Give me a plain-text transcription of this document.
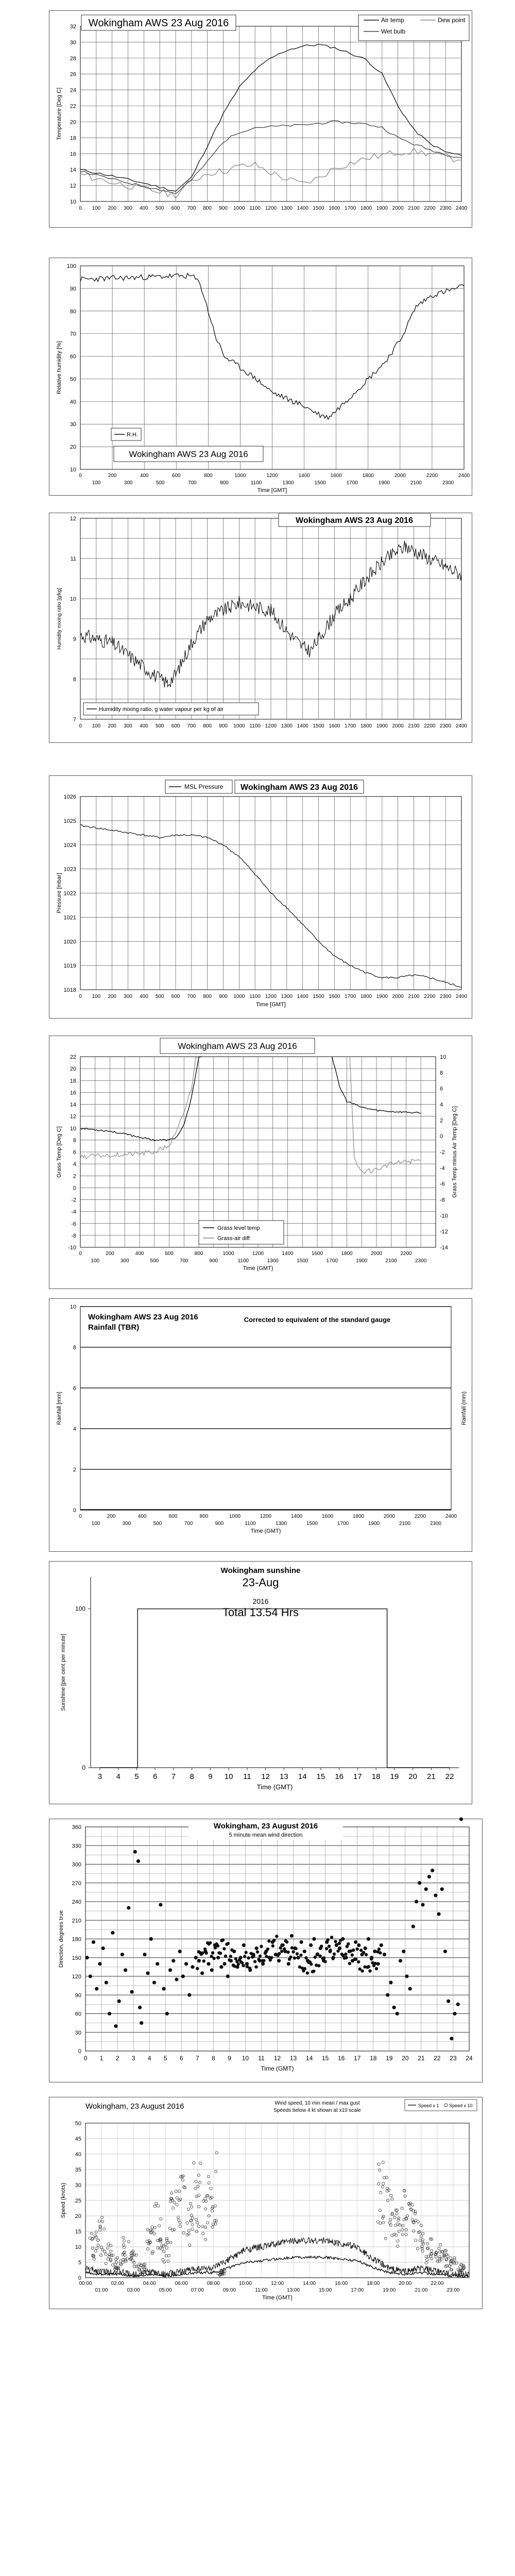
10
12
14
16
18
20
22
24
26
28
30
32
0 100 200 300 400 500 600 700 800 900 1000 1100 1200 1300 1400 1500 1600 1700 1800 1900 2000 2100 2200 2300 2400
Temperature [Deg C]
Wokingham AWS 23 Aug 2016	Air temp	Dew point
Wet bulb
10
20
30
40
50
60
70
80
90
100
0	200	400	600	800	1000	1200	1400	1600	1800	2000	2200	2400
100	300	500	700	900	1100	1300	1500	1700	1900	2100	2300
Time [GMT]
Relative humidity [%]
R.H.
Wokingham AWS 23 Aug 2016
7
8
9
10
11
12
0 100 200 300 400 500 600 700 800 900 1000 1100 1200 1300 1400 1500 1600 1700 1800 1900 2000 2100 2200 2300 2400
Humidity mixing ratio [g/kg]
Wokingham AWS 23 Aug 2016
Humidity mixing ratio, g water vapour per kg of air
1018
1019
1020
1021
1022
1023
1024
1025
1026
0 100 200 300 400 500 600 700 800 900 1000 1100 1200 1300 1400 1500 1600 1700 1800 1900 2000 2100 2200 2300 2400
Time [GMT]
Pressure [mbar]
MSL Pressure Wokingham AWS 23 Aug 2016
-10
-8
-6
-4
-2
0
2
4
6
8
10
12
14
16
18
20
22
-14
-12
-10
-8
-6
-4
-2
0
2
4
6
8
10
0	200	400	600	800	1000	1200	1400	1600	1800	2000	2200
100	300	500	700	900	1100	1300	1500	1700	1900	2100	2300
Time (GMT)
Grass Temp [Deg C]	Grass Temp minus Air Temp [Deg C]
Wokingham AWS 23 Aug 2016
Grass level temp
Grass-air diff
0
2
4
6
8
10
0	200	400	600	800	1000	1200	1400	1600	1800	2000	2200	2400
100	300	500	700	900	1100	1300	1500	1700	1900	2100	2300
Time (GMT)
Rainfall [mm]	Rainfall (mm)
Wokingham AWS 23 Aug 2016
Rainfall (TBR)
Corrected to equivalent of the standard gauge
0
100
3 4 5 6 7 8 9 10 11 12 13 14 15 16 17 18 19 20 21 22
Time (GMT)
Sunshine [per cent per minute]
Wokingham sunshine
23-Aug
2016
Total 13.54 Hrs
0
30
60
90
120
150
180
210
240
270
300
330
360
0 1 2 3 4 5 6 7 8 9 10 11 12 13 14 15 16 17 18 19 20 21 22 23 24
Time (GMT)
Direction, degrees true
Wokingham, 23 August 2016
5 minute mean wind direction
0
5
10
15
20
25
30
35
40
45
50
00:00	02:00	04:00	06:00	08:00	10:00	12:00	14:00	16:00	18:00	20:00	22:00
01:00	03:00	05:00	07:00	09:00	11:00	13:00	15:00	17:00	19:00	21:00	23:00
Time (GMT)
Speed (knots)
Wokingham, 23 August 2016	Wind speed, 10 min mean / max gust
Speeds below 4 kt shown at x10 scale
Speed x 1 Speed x 10
